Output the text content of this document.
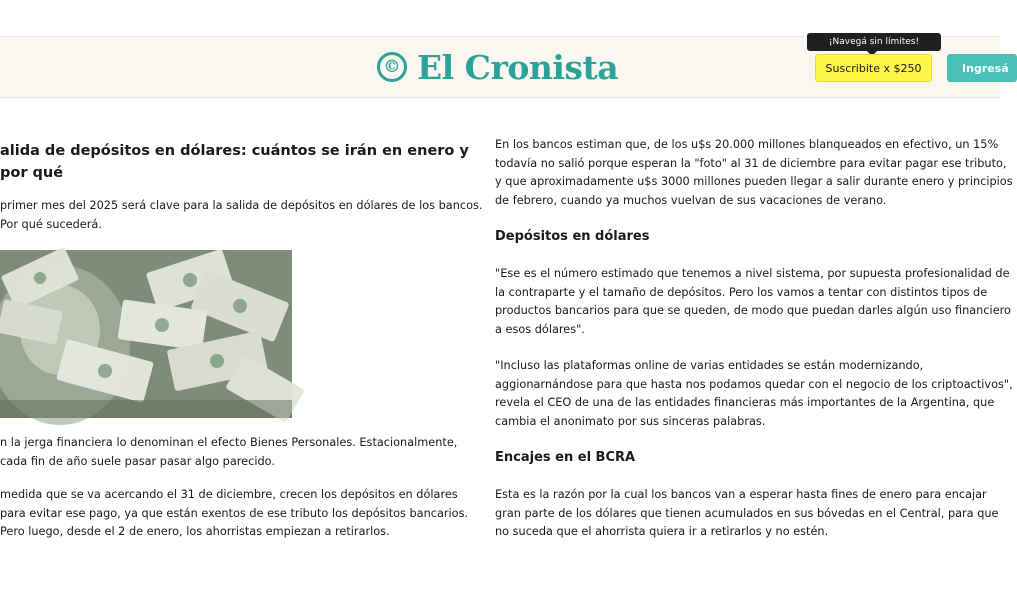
© El Cronista
¡Navegá sin límites!
Suscribite x $250	Ingresá
alida de depósitos en dólares: cuántos se irán en enero y por qué

primer mes del 2025 será clave para la salida de depósitos en dólares de los bancos. Por qué sucederá.

n la jerga financiera lo denominan el efecto Bienes Personales. Estacionalmente, cada fin de año suele pasar pasar algo parecido.

medida que se va acercando el 31 de diciembre, crecen los depósitos en dólares para evitar ese pago, ya que están exentos de ese tributo los depósitos bancarios. Pero luego, desde el 2 de enero, los ahorristas empiezan a retirarlos.

En los bancos estiman que, de los u$s 20.000 millones blanqueados en efectivo, un 15% todavía no salió porque esperan la "foto" al 31 de diciembre para evitar pagar ese tributo, y que aproximadamente u$s 3000 millones pueden llegar a salir durante enero y principios de febrero, cuando ya muchos vuelvan de sus vacaciones de verano.

Depósitos en dólares

"Ese es el número estimado que tenemos a nivel sistema, por supuesta profesionalidad de la contraparte y el tamaño de depósitos. Pero los vamos a tentar con distintos tipos de productos bancarios para que se queden, de modo que puedan darles algún uso financiero a esos dólares".

"Incluso las plataformas online de varias entidades se están modernizando, aggionarnándose para que hasta nos podamos quedar con el negocio de los criptoactivos", revela el CEO de una de las entidades financieras más importantes de la Argentina, que cambia el anonimato por sus sinceras palabras.

Encajes en el BCRA

Esta es la razón por la cual los bancos van a esperar hasta fines de enero para encajar gran parte de los dólares que tienen acumulados en sus bóvedas en el Central, para que no suceda que el ahorrista quiera ir a retirarlos y no estén.
